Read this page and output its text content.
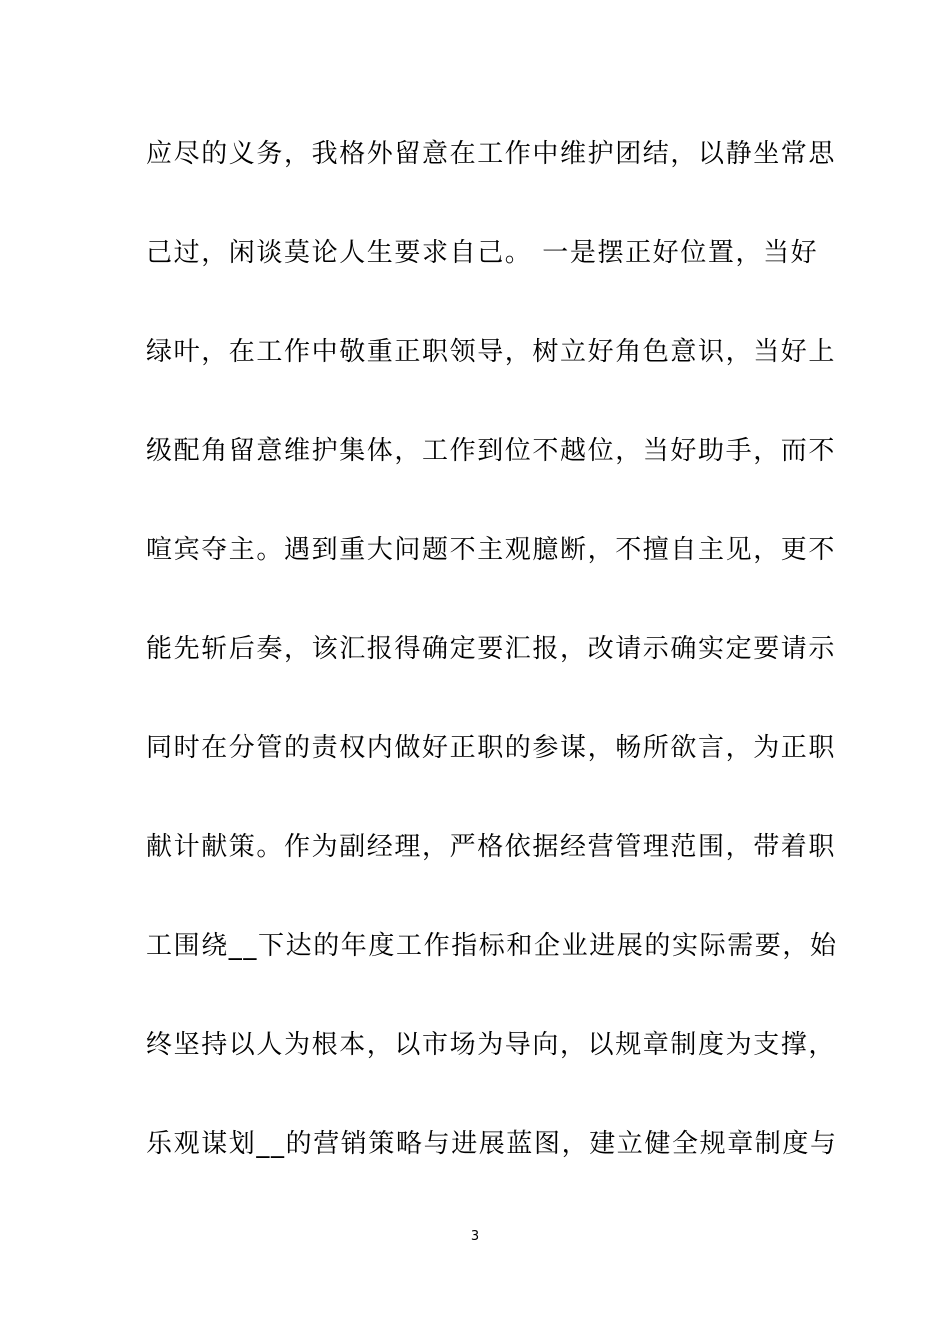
应尽的义务，我格外留意在工作中维护团结，以静坐常思
己过，闲谈莫论人生要求自己。 一是摆正好位置，当好
绿叶，在工作中敬重正职领导，树立好角色意识，当好上
级配角留意维护集体，工作到位不越位，当好助手，而不
喧宾夺主。遇到重大问题不主观臆断，不擅自主见，更不
能先斩后奏，该汇报得确定要汇报，改请示确实定要请示
同时在分管的责权内做好正职的参谋，畅所欲言，为正职
献计献策。作为副经理，严格依据经营管理范围，带着职
工围绕__下达的年度工作指标和企业进展的实际需要，始
终坚持以人为根本，以市场为导向，以规章制度为支撑，
乐观谋划__的营销策略与进展蓝图，建立健全规章制度与
3
